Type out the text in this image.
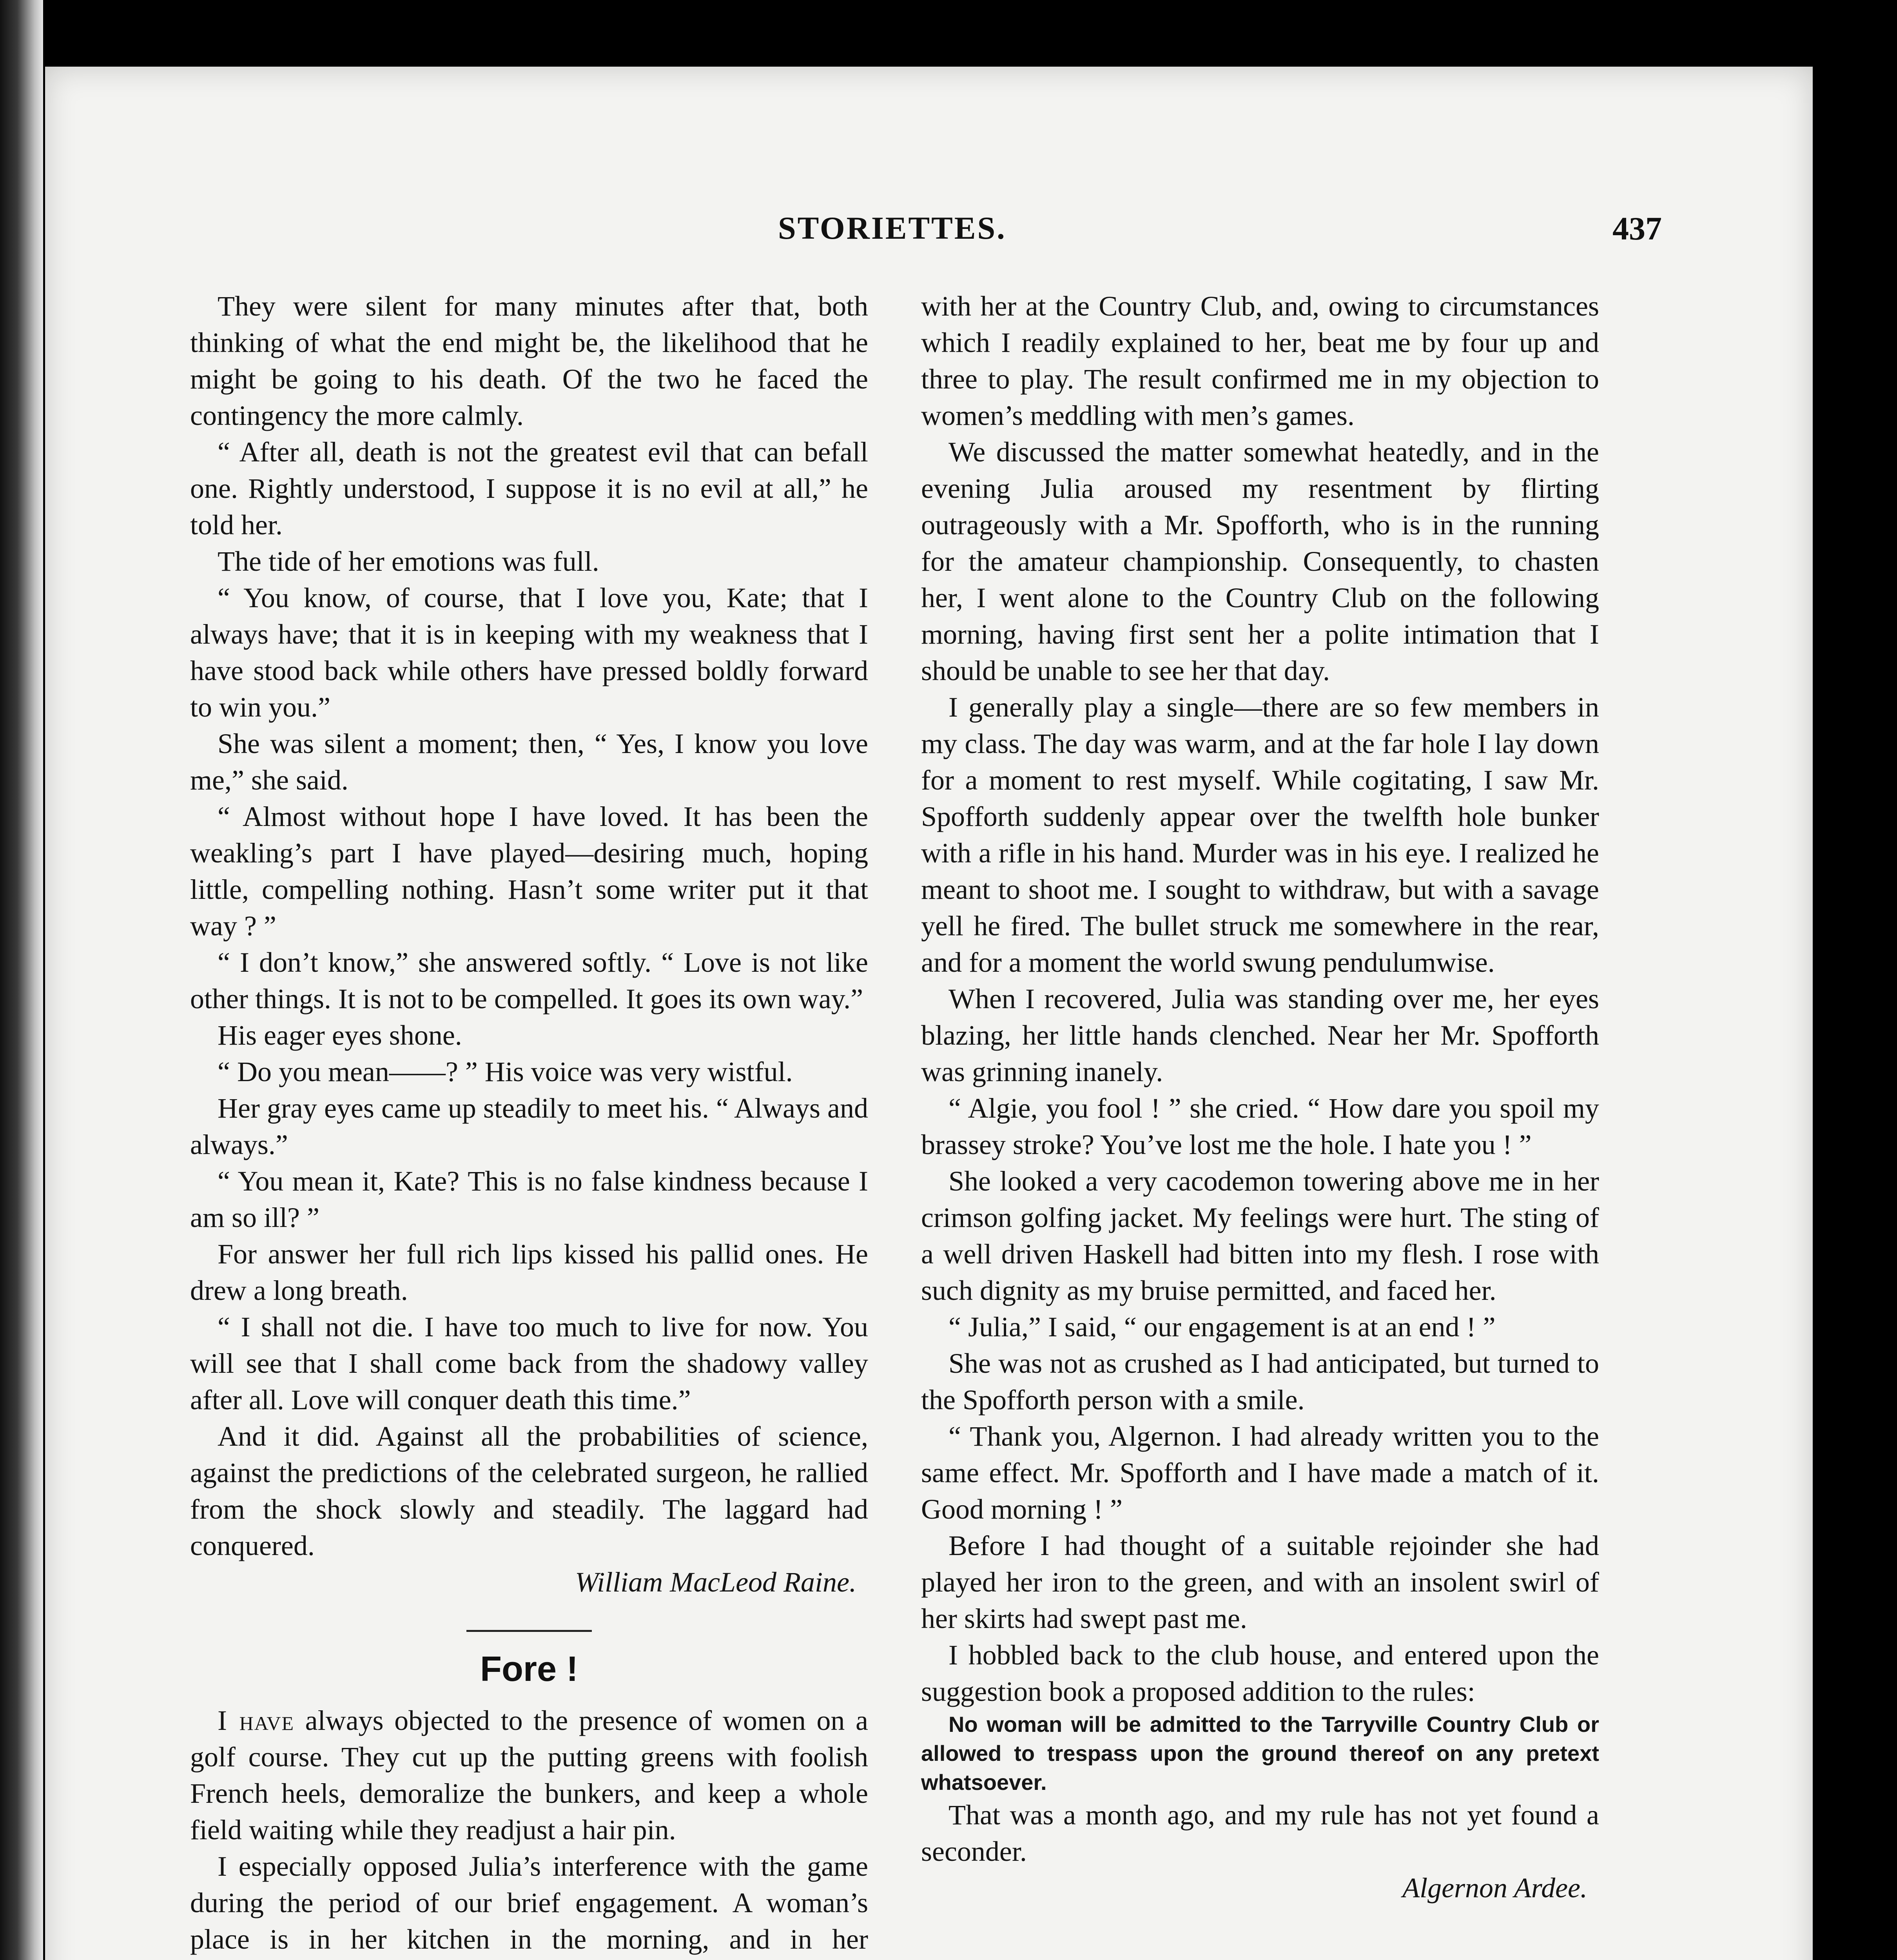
STORIETTES.	437

They were silent for many minutes after that, both thinking of what the end might be, the likelihood that he might be going to his death. Of the two he faced the contingency the more calmly.

“ After all, death is not the greatest evil that can befall one. Rightly understood, I suppose it is no evil at all,” he told her.

The tide of her emotions was full.

“ You know, of course, that I love you, Kate; that I always have; that it is in keeping with my weakness that I have stood back while others have pressed boldly forward to win you.”

She was silent a moment; then, “ Yes, I know you love me,” she said.

“ Almost without hope I have loved. It has been the weakling’s part I have played—desiring much, hoping little, compelling nothing. Hasn’t some writer put it that way ? ”

“ I don’t know,” she answered softly. “ Love is not like other things. It is not to be compelled. It goes its own way.”

His eager eyes shone.

“ Do you mean——? ” His voice was very wistful.

Her gray eyes came up steadily to meet his. “ Always and always.”

“ You mean it, Kate? This is no false kindness because I am so ill? ”

For answer her full rich lips kissed his pallid ones. He drew a long breath.

“ I shall not die. I have too much to live for now. You will see that I shall come back from the shadowy valley after all. Love will conquer death this time.”

And it did. Against all the probabilities of science, against the predictions of the celebrated surgeon, he rallied from the shock slowly and steadily. The laggard had conquered.

William MacLeod Raine.

Fore !

I have always objected to the presence of women on a golf course. They cut up the putting greens with foolish French heels, demoralize the bunkers, and keep a whole field waiting while they readjust a hair pin.

I especially opposed Julia’s interference with the game during the period of our brief engagement. A woman’s place is in her kitchen in the morning, and in her

with her at the Country Club, and, owing to circumstances which I readily explained to her, beat me by four up and three to play. The result confirmed me in my objection to women’s meddling with men’s games.

We discussed the matter somewhat heatedly, and in the evening Julia aroused my resentment by flirting outrageously with a Mr. Spofforth, who is in the running for the amateur championship. Consequently, to chasten her, I went alone to the Country Club on the following morning, having first sent her a polite intimation that I should be unable to see her that day.

I generally play a single—there are so few members in my class. The day was warm, and at the far hole I lay down for a moment to rest myself. While cogitating, I saw Mr. Spofforth suddenly appear over the twelfth hole bunker with a rifle in his hand. Murder was in his eye. I realized he meant to shoot me. I sought to withdraw, but with a savage yell he fired. The bullet struck me somewhere in the rear, and for a moment the world swung pendulumwise.

When I recovered, Julia was standing over me, her eyes blazing, her little hands clenched. Near her Mr. Spofforth was grinning inanely.

“ Algie, you fool ! ” she cried. “ How dare you spoil my brassey stroke? You’ve lost me the hole. I hate you ! ”

She looked a very cacodemon towering above me in her crimson golfing jacket. My feelings were hurt. The sting of a well driven Haskell had bitten into my flesh. I rose with such dignity as my bruise permitted, and faced her.

“ Julia,” I said, “ our engagement is at an end ! ”

She was not as crushed as I had anticipated, but turned to the Spofforth person with a smile.

“ Thank you, Algernon. I had already written you to the same effect. Mr. Spofforth and I have made a match of it. Good morning ! ”

Before I had thought of a suitable rejoinder she had played her iron to the green, and with an insolent swirl of her skirts had swept past me.

I hobbled back to the club house, and entered upon the suggestion book a proposed addition to the rules:

No woman will be admitted to the Tarryville Country Club or allowed to trespass upon the ground thereof on any pretext whatsoever.

That was a month ago, and my rule has not yet found a seconder.

Algernon Ardee.
